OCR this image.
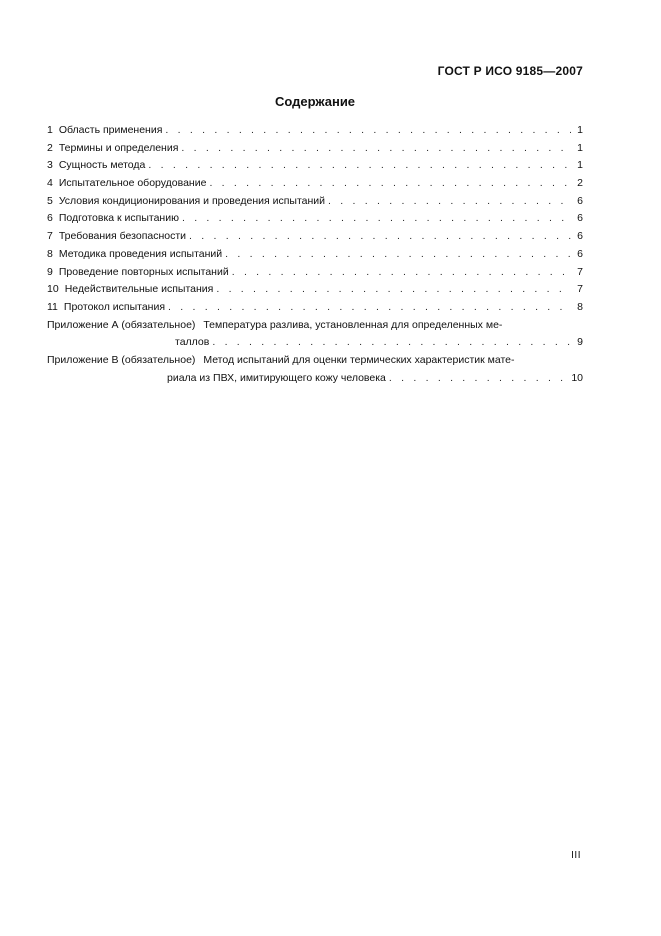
ГОСТ Р ИСО 9185—2007
Содержание
1 Область применения . . .	1
2 Термины и определения . . .	1
3 Сущность метода . . .	1
4 Испытательное оборудование . . .	2
5 Условия кондиционирования и проведения испытаний . . .	6
6 Подготовка к испытанию . . .	6
7 Требования безопасности . . .	6
8 Методика проведения испытаний . . .	6
9 Проведение повторных испытаний . . .	7
10 Недействительные испытания . . .	7
11 Протокол испытания . . .	8
Приложение А (обязательное) Температура разлива, установленная для определенных ме-
таллов . . .	9
Приложение В (обязательное) Метод испытаний для оценки термических характеристик мате-
риала из ПВХ, имитирующего кожу человека . . .	10
III
